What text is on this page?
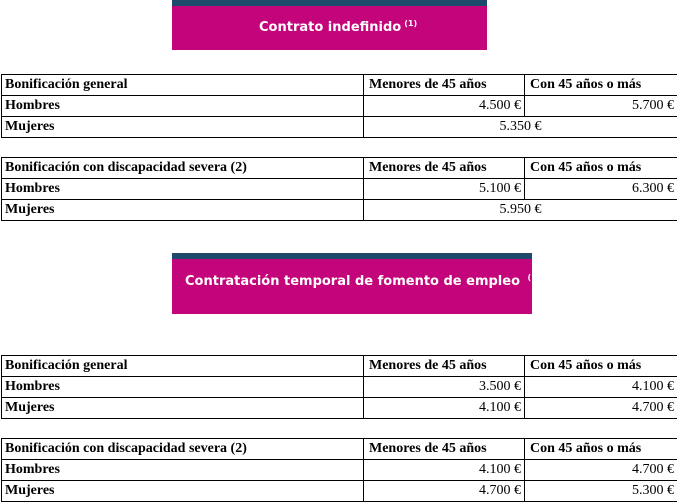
Contrato indefinido $^{(1)}$
Bonificación general	Menores de 45 años	Con 45 años o más
Hombres	4.500 €	5.700 €
Mujeres	5.350 €	
Bonificación con discapacidad severa (2)	Menores de 45 años	Con 45 años o más
Hombres	5.100 €	6.300 €
Mujeres	5.950 €	
Contratación temporal de fomento de empleo $^{(1)}$
Bonificación general	Menores de 45 años	Con 45 años o más
Hombres	3.500 €	4.100 €
Mujeres	4.100 €	4.700 €
Bonificación con discapacidad severa (2)	Menores de 45 años	Con 45 años o más
Hombres	4.100 €	4.700 €
Mujeres	4.700 €	5.300 €
